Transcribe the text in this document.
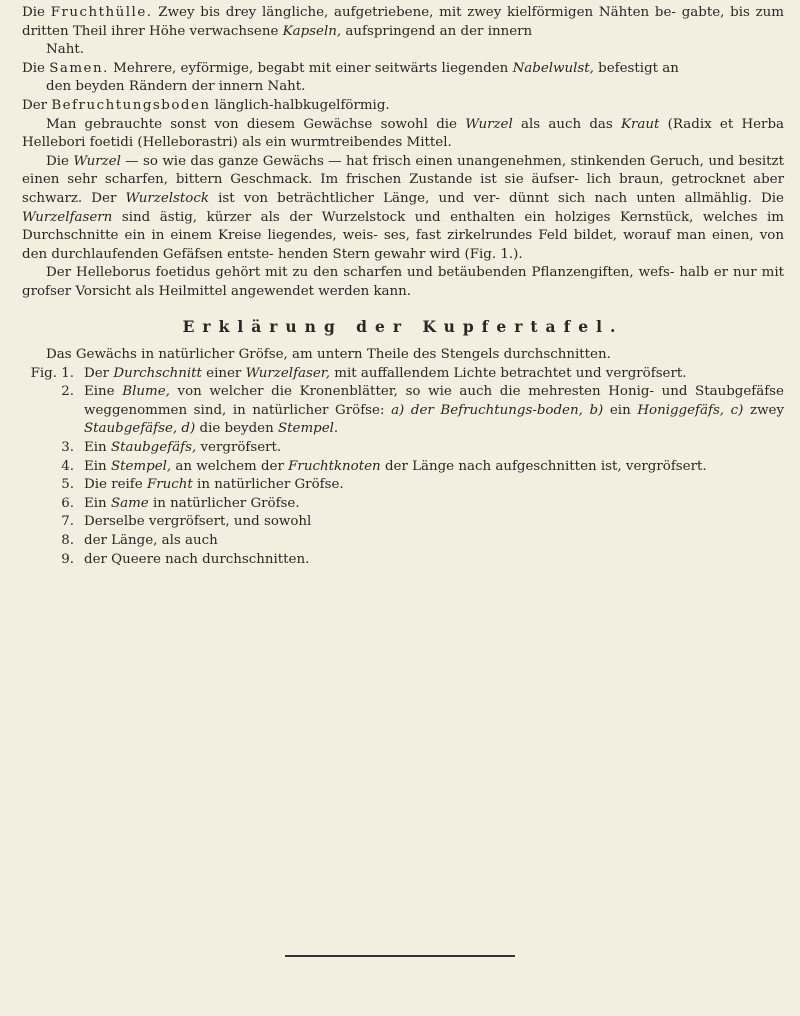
Die Fruchthülle. Zwey bis drey längliche, aufgetriebene, mit zwey kielförmigen Nähten be- gabte, bis zum dritten Theil ihrer Höhe verwachsene Kapseln, aufspringend an der innern
Naht.

Die Samen. Mehrere, eyförmige, begabt mit einer seitwärts liegenden Nabelwulst, befestigt an
den beyden Rändern der innern Naht.

Der Befruchtungsboden länglich-halbkugelförmig.

Man gebrauchte sonst von diesem Gewächse sowohl die Wurzel als auch das Kraut (Radix et Herba Hellebori foetidi (Helleborastri) als ein wurmtreibendes Mittel.

Die Wurzel — so wie das ganze Gewächs — hat frisch einen unangenehmen, stinkenden Geruch, und besitzt einen sehr scharfen, bittern Geschmack. Im frischen Zustande ist sie äufser- lich braun, getrocknet aber schwarz. Der Wurzelstock ist von beträchtlicher Länge, und ver- dünnt sich nach unten allmählig. Die Wurzelfasern sind ästig, kürzer als der Wurzelstock und enthalten ein holziges Kernstück, welches im Durchschnitte ein in einem Kreise liegendes, weis- ses, fast zirkelrundes Feld bildet, worauf man einen, von den durchlaufenden Gefäfsen entste- henden Stern gewahr wird (Fig. 1.).

Der Helleborus foetidus gehört mit zu den scharfen und betäubenden Pflanzengiften, wefs- halb er nur mit grofser Vorsicht als Heilmittel angewendet werden kann.

Erklärung der Kupfertafel.

Das Gewächs in natürlicher Gröfse, am untern Theile des Stengels durchschnitten.

Fig. 1. Der Durchschnitt einer Wurzelfaser, mit auffallendem Lichte betrachtet und vergröfsert.
2. Eine Blume, von welcher die Kronenblätter, so wie auch die mehresten Honig- und Staubgefäfse weggenommen sind, in natürlicher Gröfse: a) der Befruchtungs-boden, b) ein Honiggefäfs, c) zwey Staubgefäfse, d) die beyden Stempel.
3. Ein Staubgefäfs, vergröfsert.
4. Ein Stempel, an welchem der Fruchtknoten der Länge nach aufgeschnitten ist, vergröfsert.
5. Die reife Frucht in natürlicher Gröfse.
6. Ein Same in natürlicher Gröfse.
7. Derselbe vergröfsert, und sowohl
8. der Länge, als auch
9. der Queere nach durchschnitten.
